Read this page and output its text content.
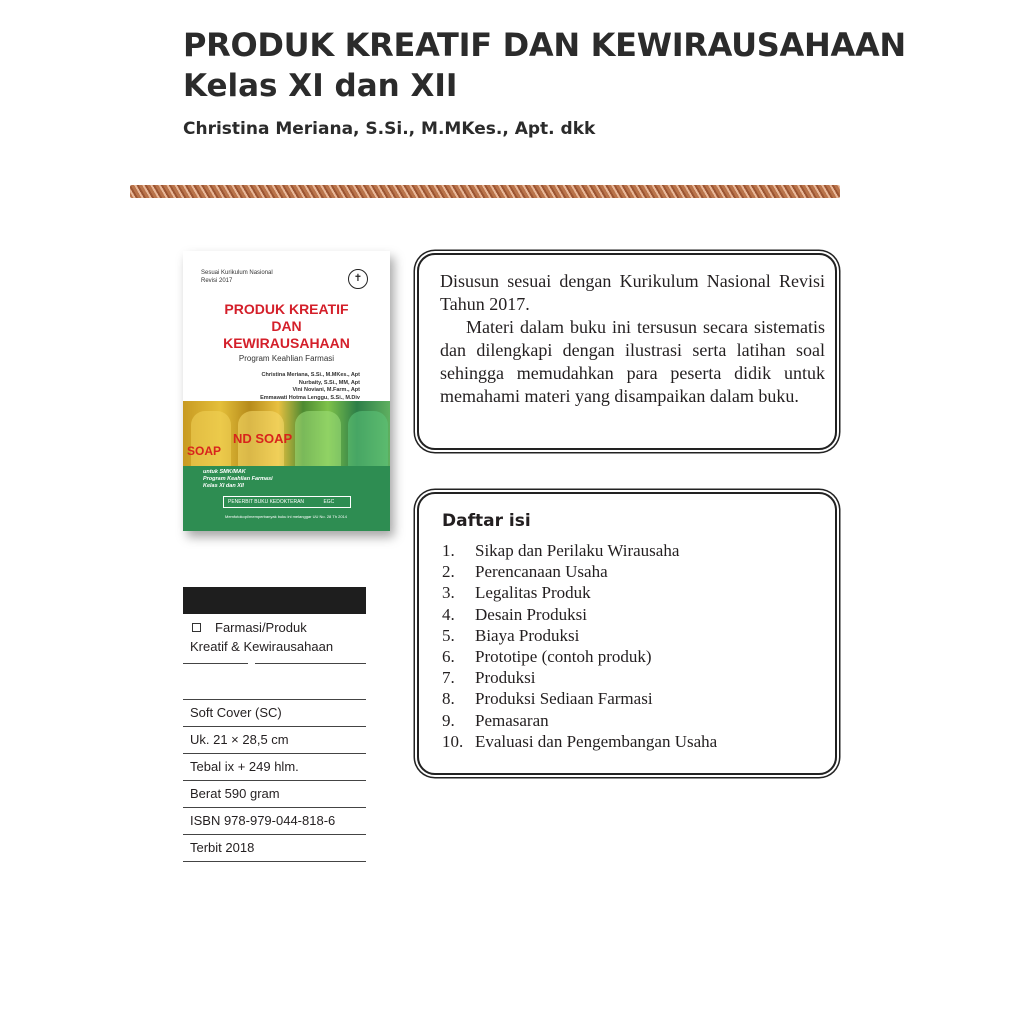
PRODUK KREATIF DAN KEWIRAUSAHAAN
Kelas XI dan XII
Christina Meriana, S.Si., M.MKes., Apt. dkk
Sesuai Kurikulum Nasional
Revisi 2017	✝
PRODUK KREATIF
DAN
KEWIRAUSAHAAN
Program Keahlian Farmasi
Christina Meriana, S.Si., M.MKes., Apt
Nurbaity, S.Si., MM, Apt
Vini Noviani, M.Farm., Apt
Emmawati Hotma Lenggu, S.Si., M.Div
SOAP
ND SOAP
untuk SMK/MAK
Program Keahlian Farmasi
Kelas XI dan XII
PENERBIT BUKU KEDOKTERAN	EGC
Memfotokopi/memperbanyak buku ini melanggar UU No. 28 Th 2014
Farmasi/Produk
Kreatif & Kewirausahaan
Soft Cover (SC)
Uk. 21 × 28,5 cm
Tebal ix + 249 hlm.
Berat 590 gram
ISBN 978-979-044-818-6
Terbit 2018

Disusun sesuai dengan Kurikulum Nasional Revisi Tahun 2017.

Materi dalam buku ini tersusun secara sistematis dan dilengkapi dengan ilustrasi serta latihan soal sehingga memudahkan para peserta didik untuk memahami materi yang disampaikan dalam buku.

Daftar isi
1. Sikap dan Perilaku Wirausaha
2. Perencanaan Usaha
3. Legalitas Produk
4. Desain Produksi
5. Biaya Produksi
6. Prototipe (contoh produk)
7. Produksi
8. Produksi Sediaan Farmasi
9. Pemasaran
10. Evaluasi dan Pengembangan Usaha
